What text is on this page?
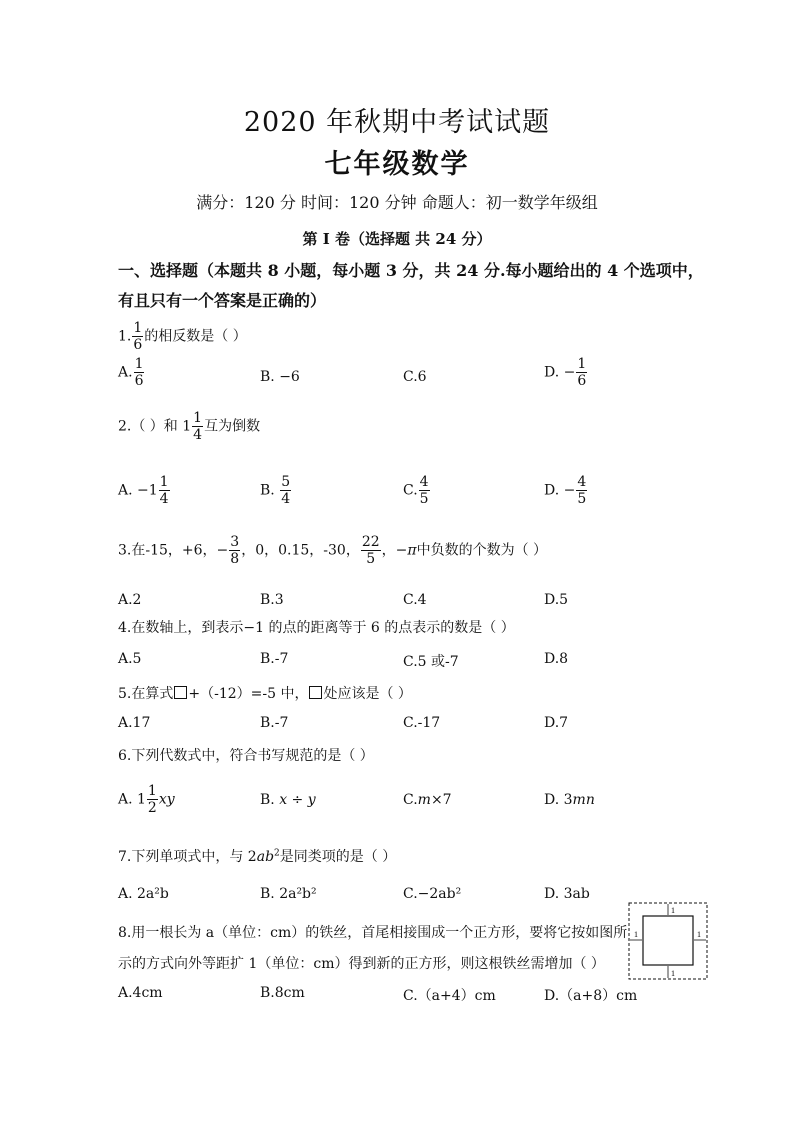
2020 年秋期中考试试题
七年级数学
满分：120 分 时间：120 分钟 命题人：初一数学年级组
第 I 卷（选择题 共 24 分）
一、选择题（本题共 8 小题，每小题 3 分，共 24 分.每小题给出的 4 个选项中，有且只有一个答案是正确的）
1. $\frac{1}{6}$ 的相反数是（ ）
A. $\frac{1}{6}$	B. −6	C.6	D. − $\frac{1}{6}$
2.（ ）和 $1 \frac{1}{4}$ 互为倒数
A. $-1 \frac{1}{4}$	B. $\frac{5}{4}$	C. $\frac{4}{5}$	D. − $\frac{4}{5}$
3.在-15，+6，− $\frac{3}{8}$ ，0，0.15，-30， $\frac{22}{5}$ ，−π中负数的个数为（ ）
A.2	B.3	C.4	D.5
4.在数轴上，到表示−1 的点的距离等于 6 的点表示的数是（ ）
A.5	B.-7	C.5 或-7	D.8
5.在算式 +（-12）=-5 中， 处应该是（ ）
A.17	B.-7	C.-17	D.7
6.下列代数式中，符合书写规范的是（ ）
A. $1 \frac{1}{2}$ xy	B. x ÷ y	C.m×7	D. 3mn
7.下列单项式中，与 $2ab^2$是同类项的是（ ）
A. 2a²b	B. 2a²b²	C.−2ab²	D. 3ab
8.用一根长为 a（单位：cm）的铁丝，首尾相接围成一个正方形，要将它按如图所
示的方式向外等距扩 1（单位：cm）得到新的正方形，则这根铁丝需增加（ ）
A.4cm	B.8cm	C.（a+4）cm	D.（a+8）cm
1
1
1	1
